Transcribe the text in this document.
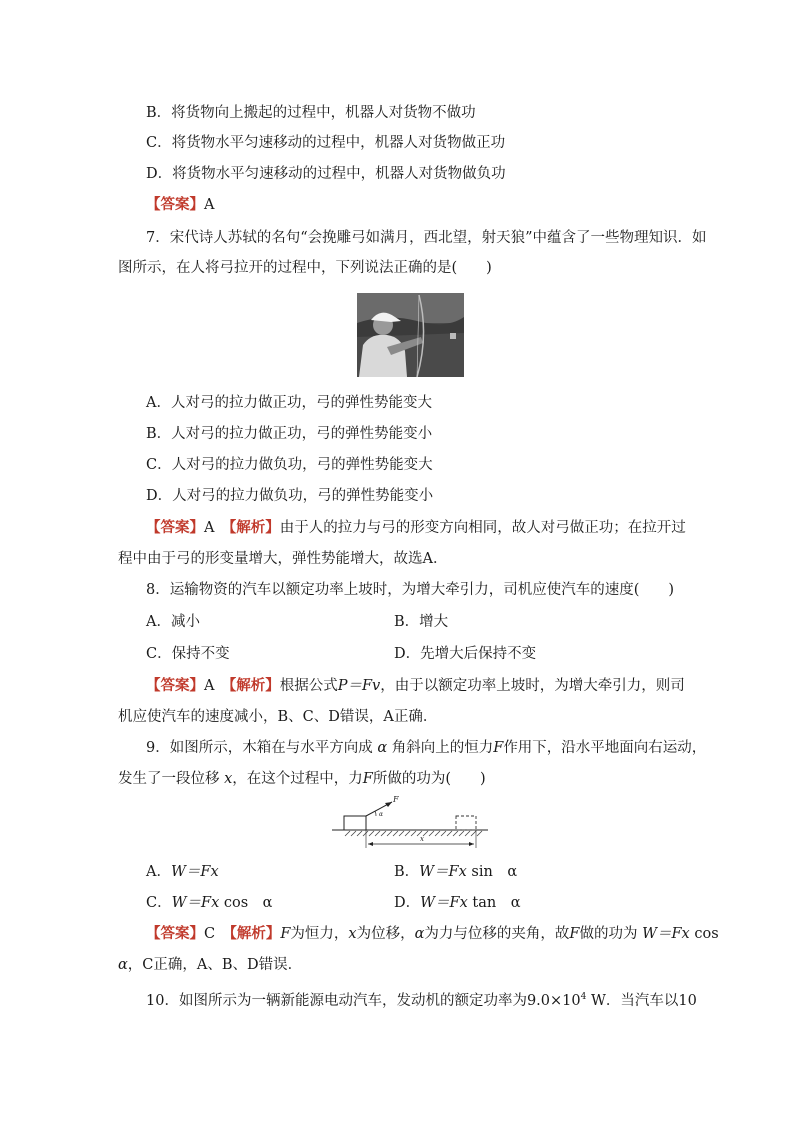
B．将货物向上搬起的过程中，机器人对货物不做功
C．将货物水平匀速移动的过程中，机器人对货物做正功
D．将货物水平匀速移动的过程中，机器人对货物做负功
【答案】A
7．宋代诗人苏轼的名句“会挽雕弓如满月，西北望，射天狼”中蕴含了一些物理知识．如
图所示，在人将弓拉开的过程中，下列说法正确的是(　　)
A．人对弓的拉力做正功，弓的弹性势能变大
B．人对弓的拉力做正功，弓的弹性势能变小
C．人对弓的拉力做负功，弓的弹性势能变大
D．人对弓的拉力做负功，弓的弹性势能变小
【答案】A　 【解析】由于人的拉力与弓的形变方向相同，故人对弓做正功；在拉开过
程中由于弓的形变量增大，弹性势能增大，故选A．
8．运输物资的汽车以额定功率上坡时，为增大牵引力，司机应使汽车的速度(　　)
A．减小	B．增大
C．保持不变	D．先增大后保持不变
【答案】A　 【解析】根据公式P＝Fv，由于以额定功率上坡时，为增大牵引力，则司
机应使汽车的速度减小，B、C、D错误，A正确．
9．如图所示，木箱在与水平方向成 α 角斜向上的恒力F作用下，沿水平地面向右运动，
发生了一段位移 x，在这个过程中，力F所做的功为(　　)
F
α
x
A．W＝Fx	B．W＝Fx sin　α
C．W＝Fx cos　α	D．W＝Fx tan　α
【答案】C　 【解析】F为恒力，x为位移，α为力与位移的夹角，故F做的功为 W＝Fx cos
α，C正确，A、B、D错误．
10．如图所示为一辆新能源电动汽车，发动机的额定功率为$9.0\times 10^4$ W．当汽车以10
